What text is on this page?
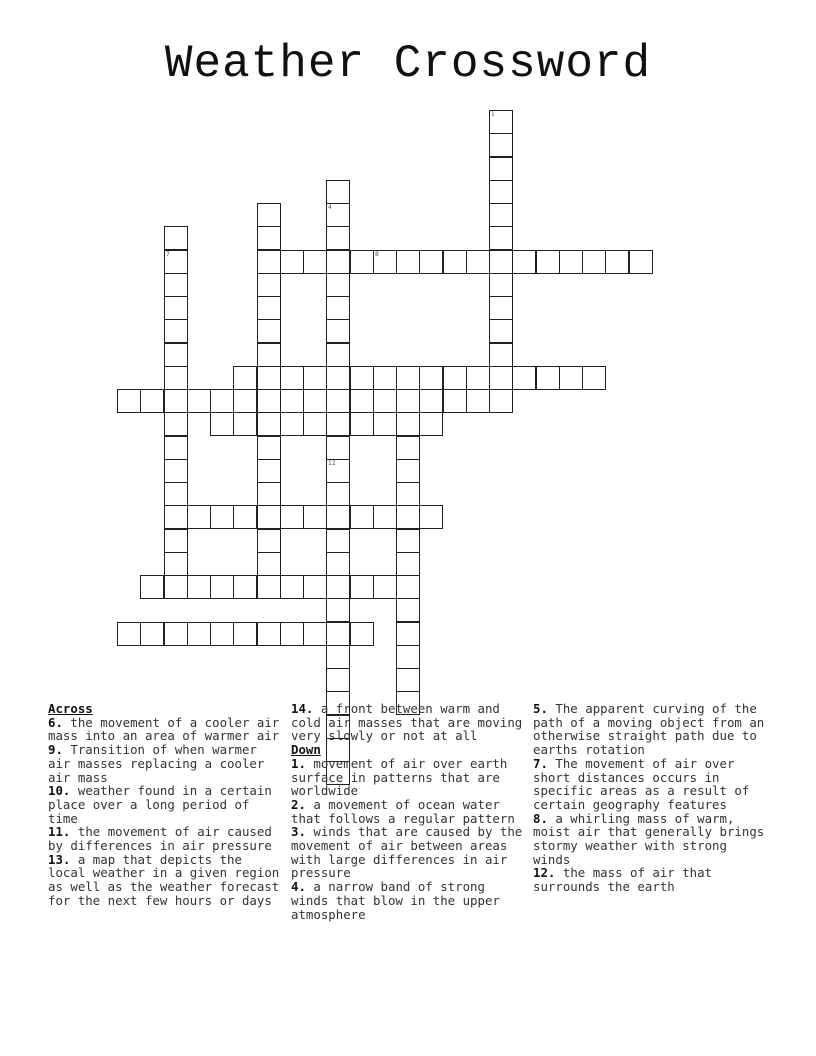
Weather Crossword
7	8
1
4
12
Across
6. the movement of a cooler air mass into an area of warmer air
9. Transition of when warmer air masses replacing a cooler air mass
10. weather found in a certain place over a long period of time
11. the movement of air caused by differences in air pressure
13. a map that depicts the local weather in a given region as well as the weather forecast for the next few hours or days
14. a front between warm and cold air masses that are moving very slowly or not at all
Down
1. movement of air over earth surface in patterns that are worldwide
2. a movement of ocean water that follows a regular pattern
3. winds that are caused by the movement of air between areas with large differences in air pressure
4. a narrow band of strong winds that blow in the upper atmosphere
5. The apparent curving of the path of a moving object from an otherwise straight path due to earths rotation
7. The movement of air over short distances occurs in specific areas as a result of certain geography features
8. a whirling mass of warm, moist air that generally brings stormy weather with strong winds
12. the mass of air that surrounds the earth
